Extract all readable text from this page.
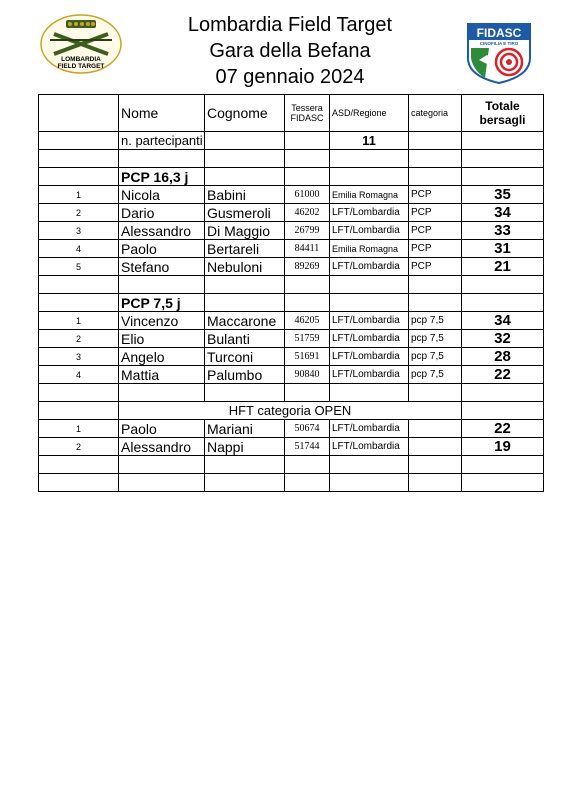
Lombardia Field Target
Gara della Befana
07 gennaio 2024
LOMBARDIA
FIELD TARGET
FIDASC
CINOFILIA E TIRO
	Nome	Cognome	Tessera FIDASC	ASD/Regione	categoria	Totale bersagli
	n. partecipanti			11		

	PCP 16,3 j					
1	Nicola	Babini	61000	Emilia Romagna	PCP	35
2	Dario	Gusmeroli	46202	LFT/Lombardia	PCP	34
3	Alessandro	Di Maggio	26799	LFT/Lombardia	PCP	33
4	Paolo	Bertareli	84411	Emilia Romagna	PCP	31
5	Stefano	Nebuloni	89269	LFT/Lombardia	PCP	21

	PCP 7,5 j					
1	Vincenzo	Maccarone	46205	LFT/Lombardia	pcp 7,5	34
2	Elio	Bulanti	51759	LFT/Lombardia	pcp 7,5	32
3	Angelo	Turconi	51691	LFT/Lombardia	pcp 7,5	28
4	Mattia	Palumbo	90840	LFT/Lombardia	pcp 7,5	22

	HFT categoria OPEN					
1	Paolo	Mariani	50674	LFT/Lombardia		22
2	Alessandro	Nappi	51744	LFT/Lombardia		19
